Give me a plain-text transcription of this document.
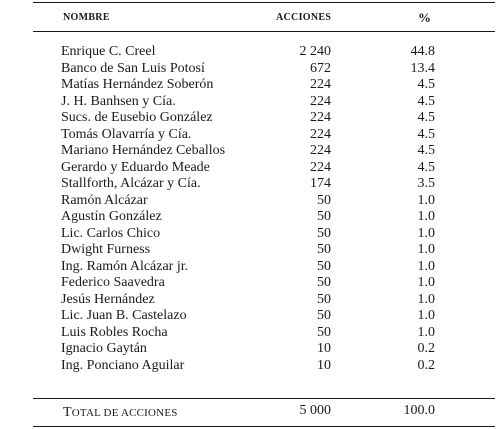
NOMBRE	ACCIONES	%
Enrique C. Creel	2 240	44.8
Banco de San Luis Potosí	672	13.4
Matías Hernández Soberón	224	4.5
J. H. Banhsen y Cía.	224	4.5
Sucs. de Eusebio González	224	4.5
Tomás Olavarría y Cía.	224	4.5
Mariano Hernández Ceballos	224	4.5
Gerardo y Eduardo Meade	224	4.5
Stallforth, Alcázar y Cía.	174	3.5
Ramón Alcázar	50	1.0
Agustín González	50	1.0
Lic. Carlos Chico	50	1.0
Dwight Furness	50	1.0
Ing. Ramón Alcázar jr.	50	1.0
Federico Saavedra	50	1.0
Jesús Hernández	50	1.0
Lic. Juan B. Castelazo	50	1.0
Luis Robles Rocha	50	1.0
Ignacio Gaytán	10	0.2
Ing. Ponciano Aguilar	10	0.2
TOTAL DE ACCIONES	5 000	100.0
